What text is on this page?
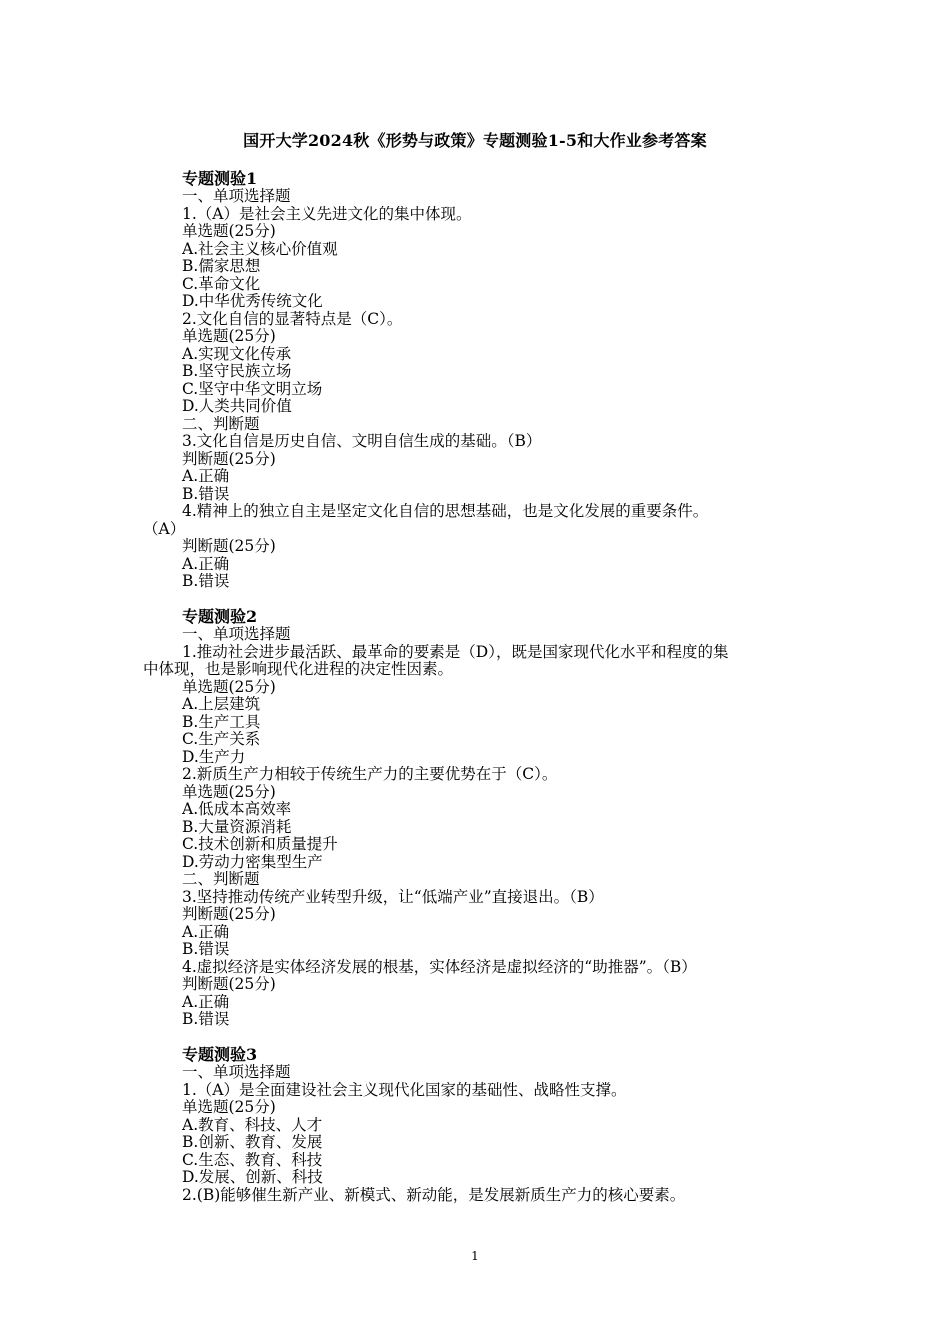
国开大学2024秋《形势与政策》专题测验1-5和大作业参考答案
专题测验1
一、单项选择题
1.（A）是社会主义先进文化的集中体现。
单选题(25分)
A.社会主义核心价值观
B.儒家思想
C.革命文化
D.中华优秀传统文化
2.文化自信的显著特点是（C）。
单选题(25分)
A.实现文化传承
B.坚守民族立场
C.坚守中华文明立场
D.人类共同价值
二、判断题
3.文化自信是历史自信、文明自信生成的基础。（B）
判断题(25分)
A.正确
B.错误
4.精神上的独立自主是坚定文化自信的思想基础，也是文化发展的重要条件。
（A）
判断题(25分)
A.正确
B.错误
专题测验2
一、单项选择题
1.推动社会进步最活跃、最革命的要素是（D），既是国家现代化水平和程度的集
中体现，也是影响现代化进程的决定性因素。
单选题(25分)
A.上层建筑
B.生产工具
C.生产关系
D.生产力
2.新质生产力相较于传统生产力的主要优势在于（C）。
单选题(25分)
A.低成本高效率
B.大量资源消耗
C.技术创新和质量提升
D.劳动力密集型生产
二、判断题
3.坚持推动传统产业转型升级，让“低端产业”直接退出。（B）
判断题(25分)
A.正确
B.错误
4.虚拟经济是实体经济发展的根基，实体经济是虚拟经济的“助推器”。（B）
判断题(25分)
A.正确
B.错误
专题测验3
一、单项选择题
1.（A）是全面建设社会主义现代化国家的基础性、战略性支撑。
单选题(25分)
A.教育、科技、人才
B.创新、教育、发展
C.生态、教育、科技
D.发展、创新、科技
2.(B)能够催生新产业、新模式、新动能，是发展新质生产力的核心要素。
1
